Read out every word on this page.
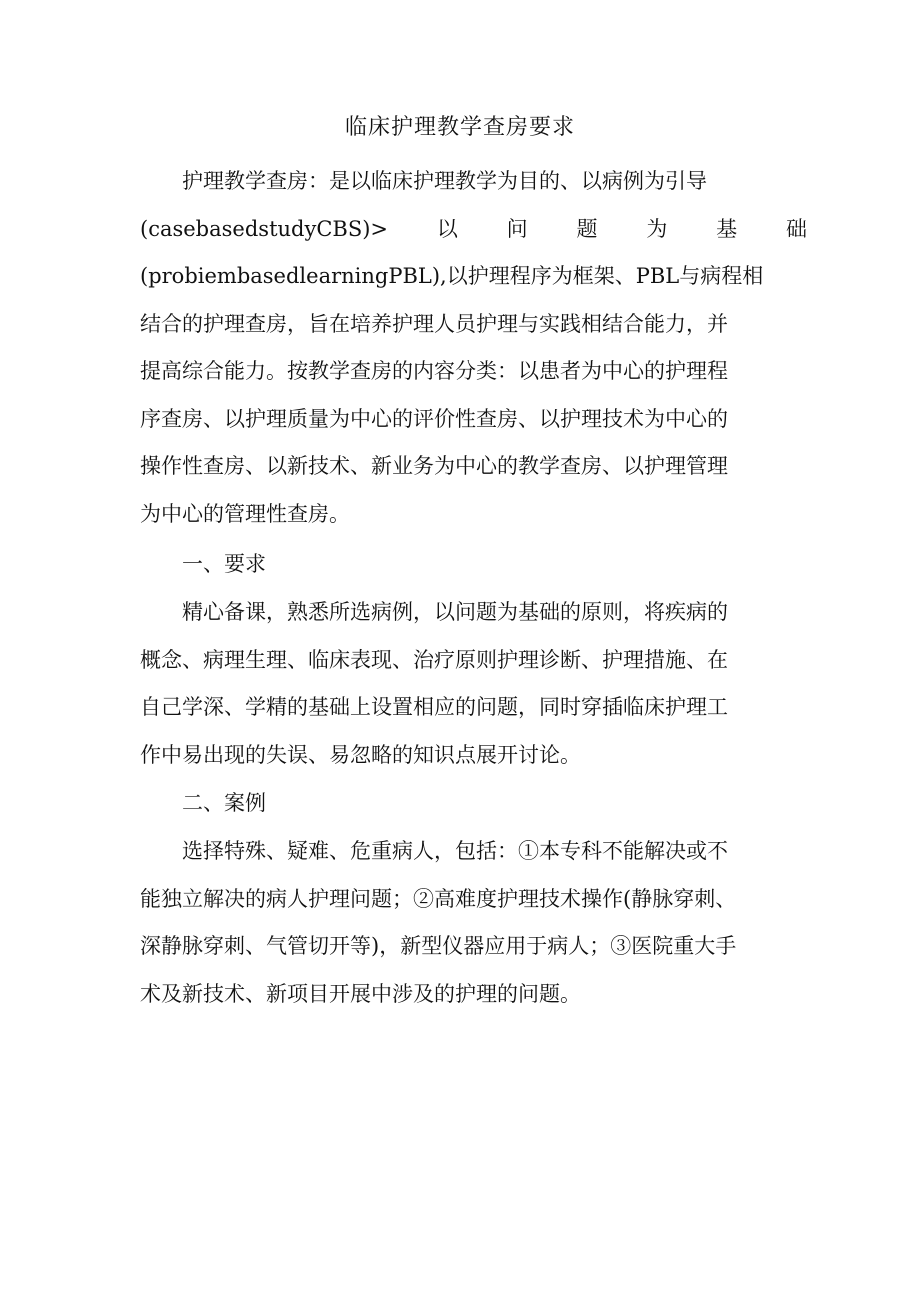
临床护理教学查房要求
护理教学查房：是以临床护理教学为目的、以病例为引导
(casebasedstudyCBS)> 以 问 题 为 基 础
(probiembasedlearningPBL),以护理程序为框架、PBL与病程相
结合的护理查房，旨在培养护理人员护理与实践相结合能力，并
提高综合能力。按教学查房的内容分类：以患者为中心的护理程
序查房、以护理质量为中心的评价性查房、以护理技术为中心的
操作性查房、以新技术、新业务为中心的教学查房、以护理管理
为中心的管理性查房。
一、要求
精心备课，熟悉所选病例，以问题为基础的原则，将疾病的
概念、病理生理、临床表现、治疗原则护理诊断、护理措施、在
自己学深、学精的基础上设置相应的问题，同时穿插临床护理工
作中易出现的失误、易忽略的知识点展开讨论。
二、案例
选择特殊、疑难、危重病人，包括：①本专科不能解决或不
能独立解决的病人护理问题；②高难度护理技术操作(静脉穿刺、
深静脉穿刺、气管切开等)，新型仪器应用于病人；③医院重大手
术及新技术、新项目开展中涉及的护理的问题。
